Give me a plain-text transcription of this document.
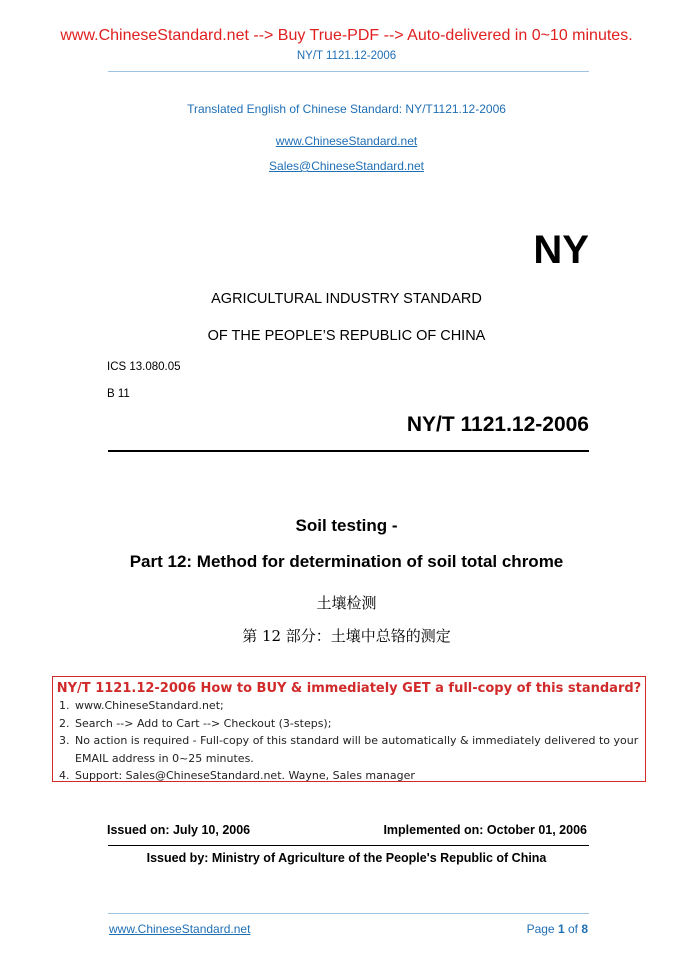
www.ChineseStandard.net --> Buy True-PDF --> Auto-delivered in 0~10 minutes.
NY/T 1121.12-2006
Translated English of Chinese Standard: NY/T1121.12-2006
www.ChineseStandard.net
Sales@ChineseStandard.net
NY
AGRICULTURAL INDUSTRY STANDARD
OF THE PEOPLE’S REPUBLIC OF CHINA
ICS 13.080.05
B 11
NY/T 1121.12-2006
Soil testing -
Part 12: Method for determination of soil total chrome
土壤检测
第 12 部分：土壤中总铬的测定
NY/T 1121.12-2006 How to BUY & immediately GET a full-copy of this standard?
1. www.ChineseStandard.net;
2. Search --> Add to Cart --> Checkout (3-steps);
3. No action is required - Full-copy of this standard will be automatically & immediately delivered to your EMAIL address in 0~25 minutes.
4. Support: Sales@ChineseStandard.net. Wayne, Sales manager
Issued on: July 10, 2006	Implemented on: October 01, 2006
Issued by: Ministry of Agriculture of the People's Republic of China
www.ChineseStandard.net	Page 1 of 8
